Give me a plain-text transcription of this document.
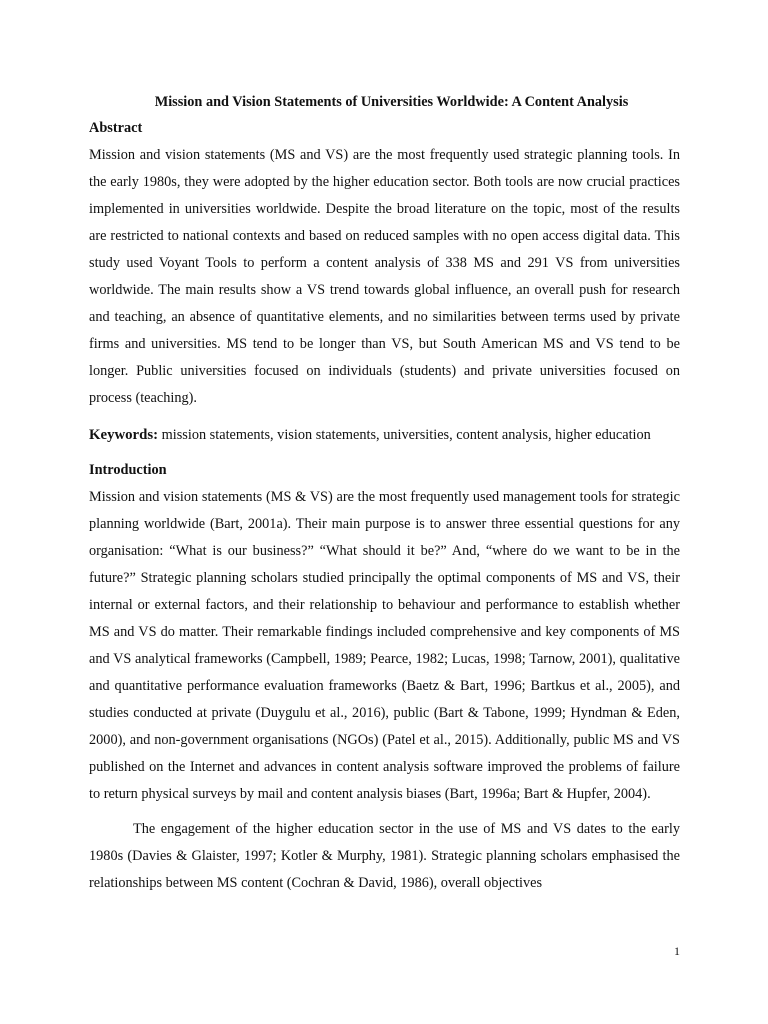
Mission and Vision Statements of Universities Worldwide: A Content Analysis
Abstract

Mission and vision statements (MS and VS) are the most frequently used strategic planning tools. In the early 1980s, they were adopted by the higher education sector. Both tools are now crucial practices implemented in universities worldwide. Despite the broad literature on the topic, most of the results are restricted to national contexts and based on reduced samples with no open access digital data. This study used Voyant Tools to perform a content analysis of 338 MS and 291 VS from universities worldwide. The main results show a VS trend towards global influence, an overall push for research and teaching, an absence of quantitative elements, and no similarities between terms used by private firms and universities. MS tend to be longer than VS, but South American MS and VS tend to be longer. Public universities focused on individuals (students) and private universities focused on process (teaching).

Keywords: mission statements, vision statements, universities, content analysis, higher education

Introduction

Mission and vision statements (MS & VS) are the most frequently used management tools for strategic planning worldwide (Bart, 2001a). Their main purpose is to answer three essential questions for any organisation: “What is our business?” “What should it be?” And, “where do we want to be in the future?” Strategic planning scholars studied principally the optimal components of MS and VS, their internal or external factors, and their relationship to behaviour and performance to establish whether MS and VS do matter. Their remarkable findings included comprehensive and key components of MS and VS analytical frameworks (Campbell, 1989; Pearce, 1982; Lucas, 1998; Tarnow, 2001), qualitative and quantitative performance evaluation frameworks (Baetz & Bart, 1996; Bartkus et al., 2005), and studies conducted at private (Duygulu et al., 2016), public (Bart & Tabone, 1999; Hyndman & Eden, 2000), and non-government organisations (NGOs) (Patel et al., 2015). Additionally, public MS and VS published on the Internet and advances in content analysis software improved the problems of failure to return physical surveys by mail and content analysis biases (Bart, 1996a; Bart & Hupfer, 2004).

The engagement of the higher education sector in the use of MS and VS dates to the early 1980s (Davies & Glaister, 1997; Kotler & Murphy, 1981). Strategic planning scholars emphasised the relationships between MS content (Cochran & David, 1986), overall objectives

1
